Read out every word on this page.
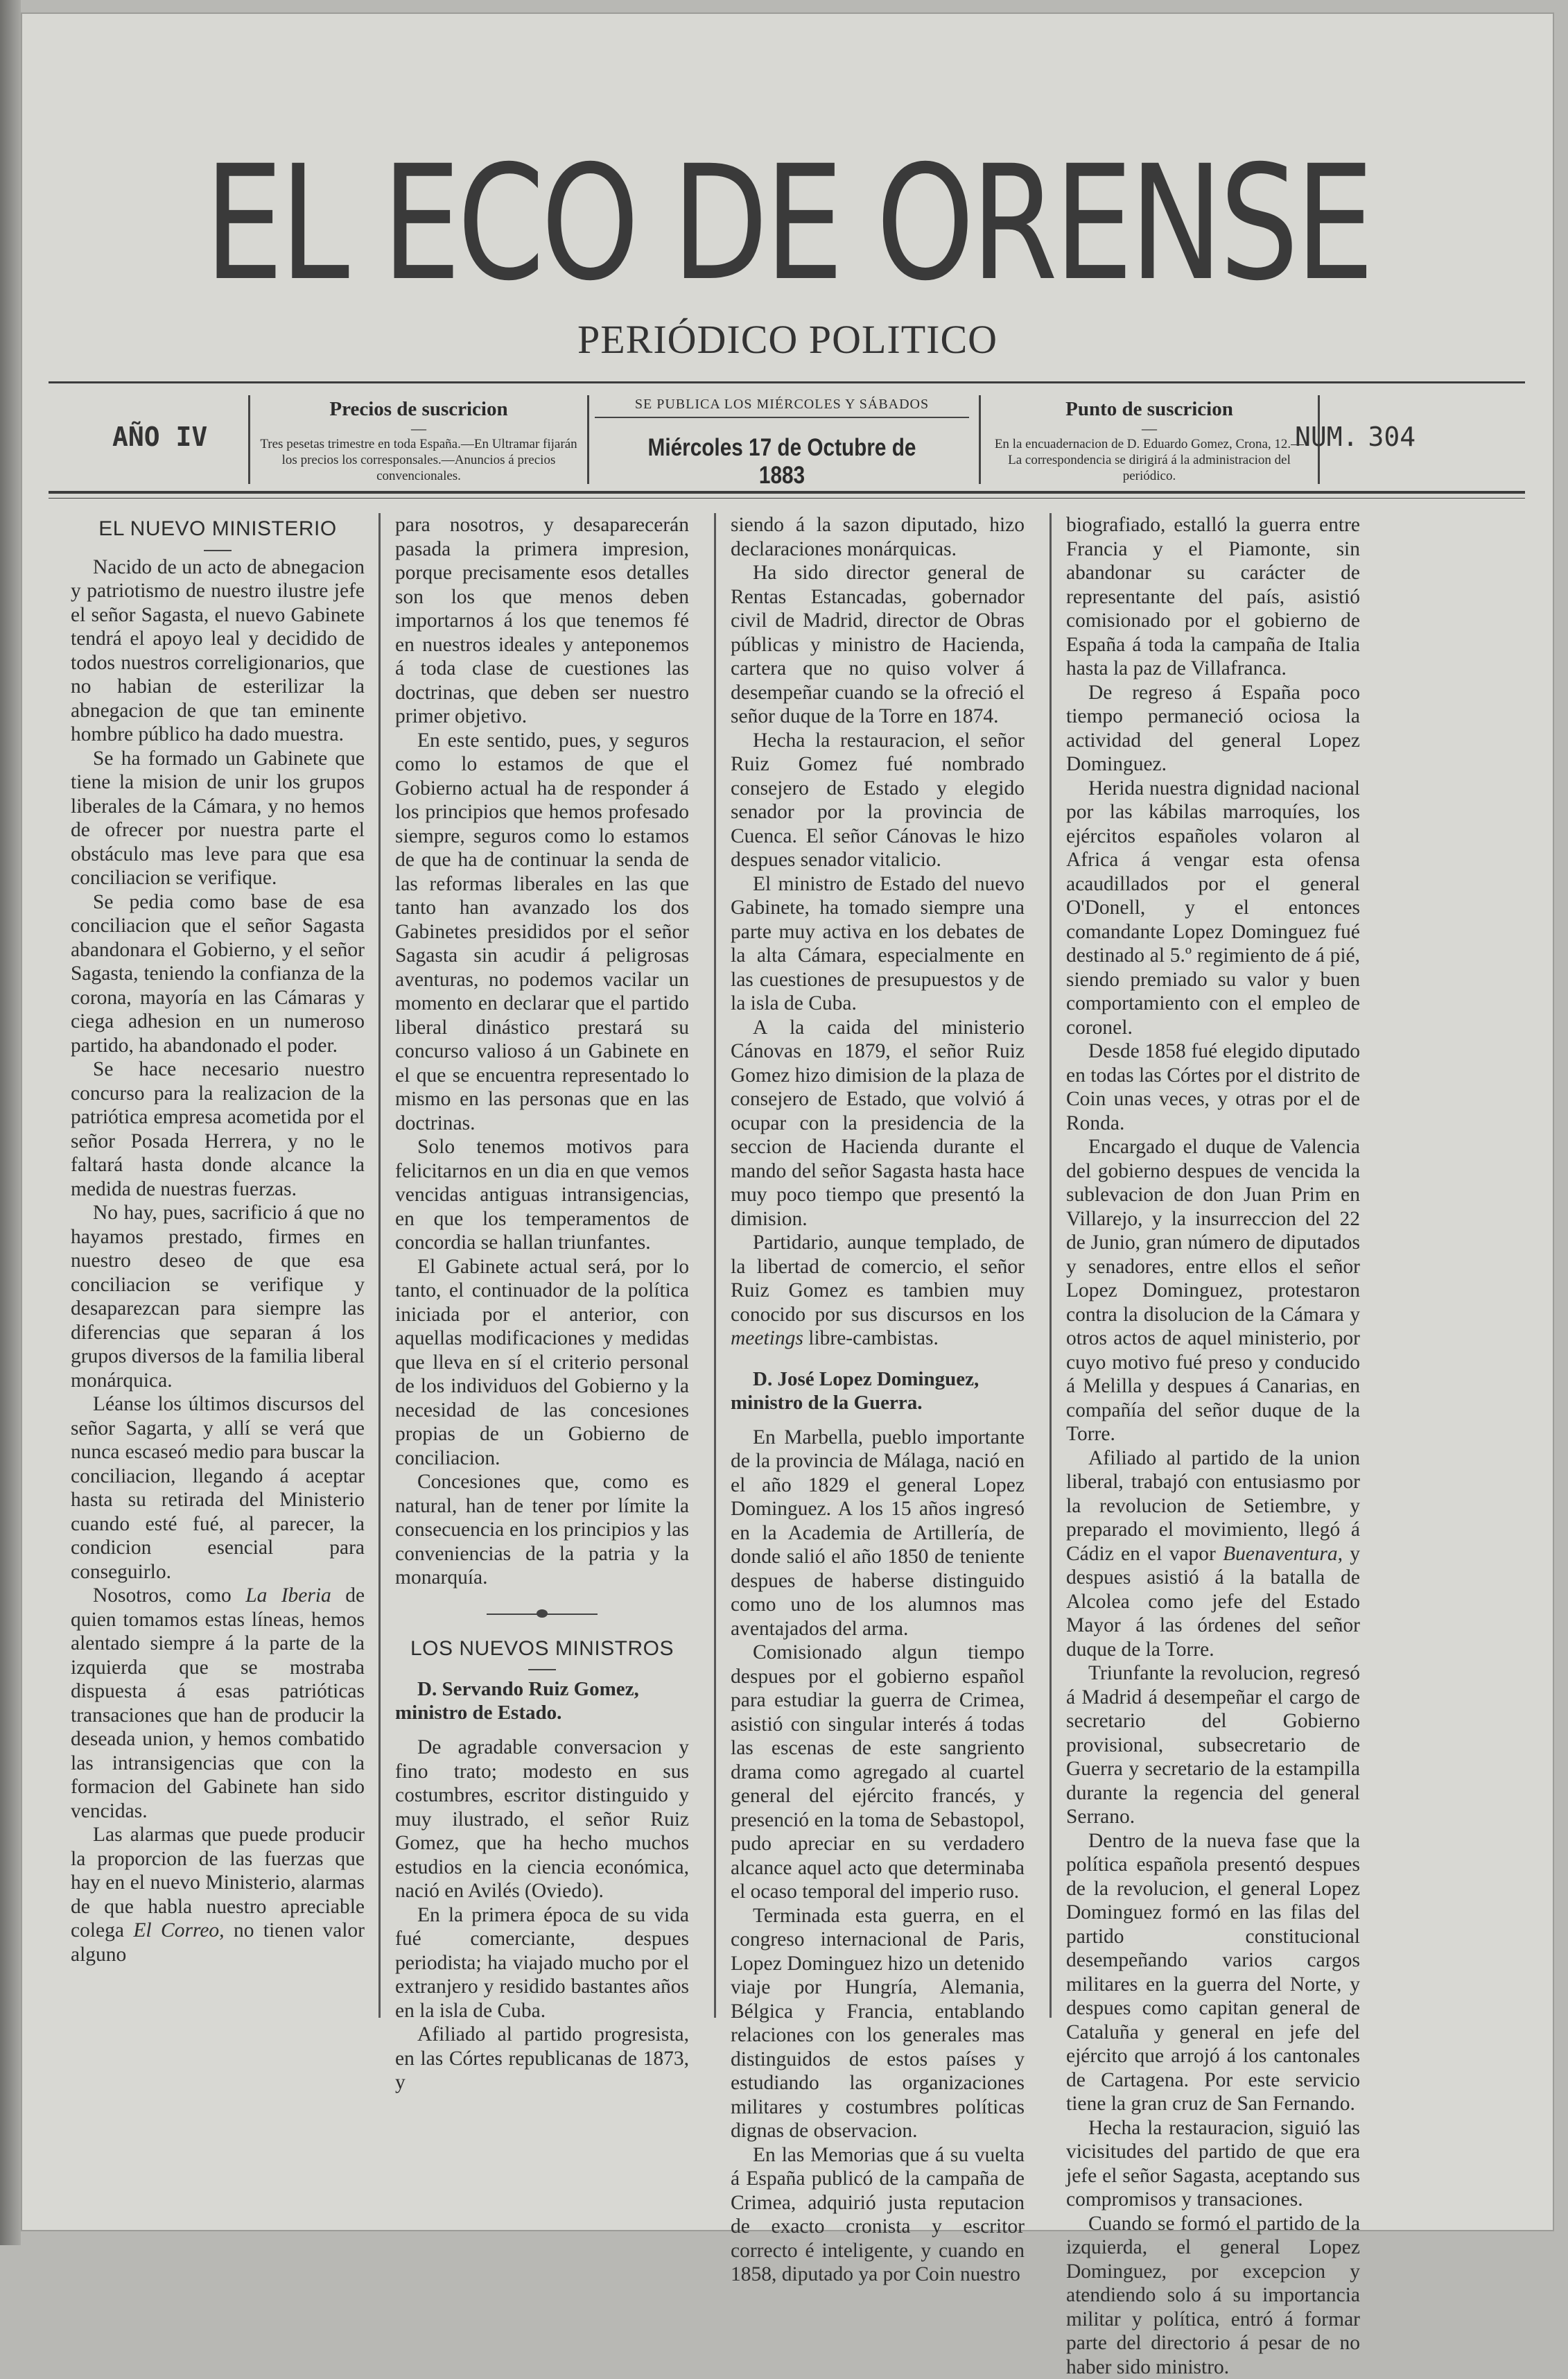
EL ECO DE ORENSE
PERIÓDICO POLITICO
AÑO IV
Precios de suscricion
—
Tres pesetas trimestre en toda España.—En Ultramar fijarán los precios los corresponsales.—Anuncios á precios convencionales.
SE PUBLICA LOS MIÉRCOLES Y SÁBADOS
Miércoles 17 de Octubre de 1883
Punto de suscricion
—
En la encuadernacion de D. Eduardo Gomez, Crona, 12.—La correspondencia se dirigirá á la administracion del periódico.
NUM. 304
EL NUEVO MINISTERIO

Nacido de un acto de abnegacion y patriotismo de nuestro ilustre jefe el señor Sagasta, el nuevo Gabinete tendrá el apoyo leal y decidido de todos nuestros correligionarios, que no habian de esterilizar la abnegacion de que tan eminente hombre público ha dado muestra.

Se ha formado un Gabinete que tiene la mision de unir los grupos liberales de la Cámara, y no hemos de ofrecer por nuestra parte el obstáculo mas leve para que esa conciliacion se verifique.

Se pedia como base de esa conciliacion que el señor Sagasta abandonara el Gobierno, y el señor Sagasta, teniendo la confianza de la corona, mayoría en las Cámaras y ciega adhesion en un numeroso partido, ha abandonado el poder.

Se hace necesario nuestro concurso para la realizacion de la patriótica empresa acometida por el señor Posada Herrera, y no le faltará hasta donde alcance la medida de nuestras fuerzas.

No hay, pues, sacrificio á que no hayamos prestado, firmes en nuestro deseo de que esa conciliacion se verifique y desaparezcan para siempre las diferencias que separan á los grupos diversos de la familia liberal monárquica.

Léanse los últimos discursos del señor Sagarta, y allí se verá que nunca escaseó medio para buscar la conciliacion, llegando á aceptar hasta su retirada del Ministerio cuando esté fué, al parecer, la condicion esencial para conseguirlo.

Nosotros, como La Iberia de quien tomamos estas líneas, hemos alentado siempre á la parte de la izquierda que se mostraba dispuesta á esas patrióticas transaciones que han de producir la deseada union, y hemos combatido las intransigencias que con la formacion del Gabinete han sido vencidas.

Las alarmas que puede producir la proporcion de las fuerzas que hay en el nuevo Ministerio, alarmas de que habla nuestro apreciable colega El Correo, no tienen valor alguno

para nosotros, y desaparecerán pasada la primera impresion, porque precisamente esos detalles son los que menos deben importarnos á los que tenemos fé en nuestros ideales y anteponemos á toda clase de cuestiones las doctrinas, que deben ser nuestro primer objetivo.

En este sentido, pues, y seguros como lo estamos de que el Gobierno actual ha de responder á los principios que hemos profesado siempre, seguros como lo estamos de que ha de continuar la senda de las reformas liberales en las que tanto han avanzado los dos Gabinetes presididos por el señor Sagasta sin acudir á peligrosas aventuras, no podemos vacilar un momento en declarar que el partido liberal dinástico prestará su concurso valioso á un Gabinete en el que se encuentra representado lo mismo en las personas que en las doctrinas.

Solo tenemos motivos para felicitarnos en un dia en que vemos vencidas antiguas intransigencias, en que los temperamentos de concordia se hallan triunfantes.

El Gabinete actual será, por lo tanto, el continuador de la política iniciada por el anterior, con aquellas modificaciones y medidas que lleva en sí el criterio personal de los individuos del Gobierno y la necesidad de las concesiones propias de un Gobierno de conciliacion.

Concesiones que, como es natural, han de tener por límite la consecuencia en los principios y las conveniencias de la patria y la monarquía.

LOS NUEVOS MINISTROS
D. Servando Ruiz Gomez, ministro de Estado.

De agradable conversacion y fino trato; modesto en sus costumbres, escritor distinguido y muy ilustrado, el señor Ruiz Gomez, que ha hecho muchos estudios en la ciencia económica, nació en Avilés (Oviedo).

En la primera época de su vida fué comerciante, despues periodista; ha viajado mucho por el extranjero y residido bastantes años en la isla de Cuba.

Afiliado al partido progresista, en las Córtes republicanas de 1873, y

siendo á la sazon diputado, hizo declaraciones monárquicas.

Ha sido director general de Rentas Estancadas, gobernador civil de Madrid, director de Obras públicas y ministro de Hacienda, cartera que no quiso volver á desempeñar cuando se la ofreció el señor duque de la Torre en 1874.

Hecha la restauracion, el señor Ruiz Gomez fué nombrado consejero de Estado y elegido senador por la provincia de Cuenca. El señor Cánovas le hizo despues senador vitalicio.

El ministro de Estado del nuevo Gabinete, ha tomado siempre una parte muy activa en los debates de la alta Cámara, especialmente en las cuestiones de presupuestos y de la isla de Cuba.

A la caida del ministerio Cánovas en 1879, el señor Ruiz Gomez hizo dimision de la plaza de consejero de Estado, que volvió á ocupar con la presidencia de la seccion de Hacienda durante el mando del señor Sagasta hasta hace muy poco tiempo que presentó la dimision.

Partidario, aunque templado, de la libertad de comercio, el señor Ruiz Gomez es tambien muy conocido por sus discursos en los meetings libre-cambistas.

D. José Lopez Dominguez, ministro de la Guerra.

En Marbella, pueblo importante de la provincia de Málaga, nació en el año 1829 el general Lopez Dominguez. A los 15 años ingresó en la Academia de Artillería, de donde salió el año 1850 de teniente despues de haberse distinguido como uno de los alumnos mas aventajados del arma.

Comisionado algun tiempo despues por el gobierno español para estudiar la guerra de Crimea, asistió con singular interés á todas las escenas de este sangriento drama como agregado al cuartel general del ejército francés, y presenció en la toma de Sebastopol, pudo apreciar en su verdadero alcance aquel acto que determinaba el ocaso temporal del imperio ruso.

Terminada esta guerra, en el congreso internacional de Paris, Lopez Dominguez hizo un detenido viaje por Hungría, Alemania, Bélgica y Francia, entablando relaciones con los generales mas distinguidos de estos países y estudiando las organizaciones militares y costumbres políticas dignas de observacion.

En las Memorias que á su vuelta á España publicó de la campaña de Crimea, adquirió justa reputacion de exacto cronista y escritor correcto é inteligente, y cuando en 1858, diputado ya por Coin nuestro

biografiado, estalló la guerra entre Francia y el Piamonte, sin abandonar su carácter de representante del país, asistió comisionado por el gobierno de España á toda la campaña de Italia hasta la paz de Villafranca.

De regreso á España poco tiempo permaneció ociosa la actividad del general Lopez Dominguez.

Herida nuestra dignidad nacional por las kábilas marroquíes, los ejércitos españoles volaron al Africa á vengar esta ofensa acaudillados por el general O'Donell, y el entonces comandante Lopez Dominguez fué destinado al 5.º regimiento de á pié, siendo premiado su valor y buen comportamiento con el empleo de coronel.

Desde 1858 fué elegido diputado en todas las Córtes por el distrito de Coin unas veces, y otras por el de Ronda.

Encargado el duque de Valencia del gobierno despues de vencida la sublevacion de don Juan Prim en Villarejo, y la insurreccion del 22 de Junio, gran número de diputados y senadores, entre ellos el señor Lopez Dominguez, protestaron contra la disolucion de la Cámara y otros actos de aquel ministerio, por cuyo motivo fué preso y conducido á Melilla y despues á Canarias, en compañía del señor duque de la Torre.

Afiliado al partido de la union liberal, trabajó con entusiasmo por la revolucion de Setiembre, y preparado el movimiento, llegó á Cádiz en el vapor Buenaventura, y despues asistió á la batalla de Alcolea como jefe del Estado Mayor á las órdenes del señor duque de la Torre.

Triunfante la revolucion, regresó á Madrid á desempeñar el cargo de secretario del Gobierno provisional, subsecretario de Guerra y secretario de la estampilla durante la regencia del general Serrano.

Dentro de la nueva fase que la política española presentó despues de la revolucion, el general Lopez Dominguez formó en las filas del partido constitucional desempeñando varios cargos militares en la guerra del Norte, y despues como capitan general de Cataluña y general en jefe del ejército que arrojó á los cantonales de Cartagena. Por este servicio tiene la gran cruz de San Fernando.

Hecha la restauracion, siguió las vicisitudes del partido de que era jefe el señor Sagasta, aceptando sus compromisos y transaciones.

Cuando se formó el partido de la izquierda, el general Lopez Dominguez, por excepcion y atendiendo solo á su importancia militar y política, entró á formar parte del directorio á pesar de no haber sido ministro.
